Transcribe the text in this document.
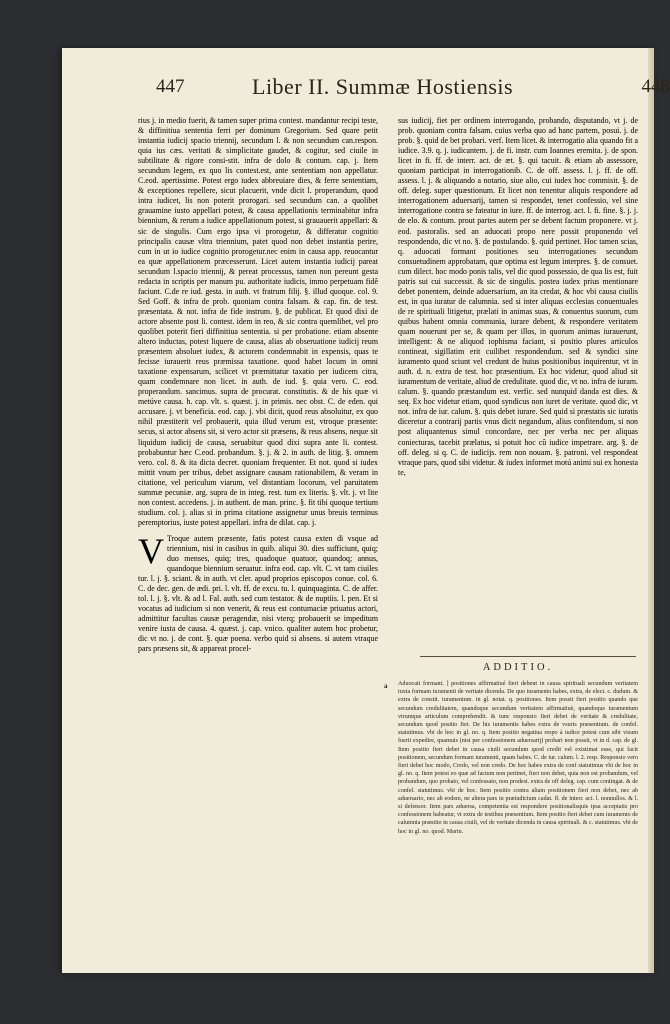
447	Liber II. Summæ Hostiensis	448

rius j. in medio fuerit, & tamen super prima contest. mandantur recipi teste, & diffinitiua sententia ferri per dominum Gregorium. Sed quare petit instantia iudicij spacio triennij, secundum l. & non secundum can.respon. quia ius cæs. veritati & simplicitate gaudet, & cogitur, sed ciuile in subtilitate & rigore consi-stit. infra de dolo & contum. cap. j. Item secundum legem, ex quo lis contest.est, ante sententiam non appellatur. C.eod. apertissime. Potest ergo iudex abbreuiare dies, & ferre sententiam, & exceptiones repellere, sicut placuerit, vnde dicit l. properandum, quod intra iudicet, lis non poterit prorogari. sed secundum can. a quolibet grauamine iusto appellari potest, & causa appellationis terminabitur infra biennium, & rerum a iudice appellationum potest, si grauauerit appellari: & sic de singulis. Cum ergo ipsa vi prorogetur, & differatur cognitio principalis causæ vltra triennium, patet quod non debet instantia perire, cum in ut io iudice cognitio prorogetur.nec enim in causa app. reuocantur ea quæ appellationem præcesserunt. Licet autem instantia iudicij pareat secundum l.spacio triennij, & pereat processus, tamen non pereunt gesta redacta in scriptis per manum pu. authoritate iudicis, immo perpetuam fidê faciunt. C.de re iud. gesta. in auth. vt fratrum filij. §. illud quoque. col. 9. Sed Goff. & infra de prob. quoniam contra falsam. & cap. fin. de test. præsentata. & not. infra de fide instrum. §. de publicat. Et quod dixi de actore absente post li. contest. idem in reo, & sic contra quemlibet, vel pro quolibet poterit fieri diffinitiua sententia. si per probatione. etiam absente altero inductas, potest liquere de causa, alias ab obseruatione iudicij reum præsentem absoluet iudex, & actorem condemnabit in expensis, quas te fecisse iurauerit reus præmissa taxatione. quod habet locum in omni taxatione expensarum, scilicet vt præmittatur taxatio per iudicem citra, quam condemnare non licet. in auth. de iud. §. quia vero. C. eod. properandum. sancimus. supra de procurat. constitutis. & de his quæ vi metúve causa. h. cap. vlt. s. quæst. j. in primis. nec obst. C. de eden. qui accusare. j. vt beneficia. eod. cap. j. vbi dicit, quod reus absoluitur, ex quo nihil præstiterit vel probauerit, quia illud verum est, vtroque præsente: secus, si actor absens sit, si vero actor sit præsens, & reus absens, neque sit liquidum iudicij de causa, seruabitur quod dixi supra ante li. contest. probabuntur hæc C.eod. probandum. §. j. & 2. in auth. de litig. §. omnem vero. col. 8. & ita dicta decret. quoniam frequenter. Et not. quod si iudex mittit vnum per tribus, debet assignare causam rationabilem, & veram in citatione, vel periculum viarum, vel distantiam locorum, vel paruitatem summæ pecuniæ. arg. supra de in integ. rest. tum ex literis. §. vlt. j. vt lite non contest. accedens. j. in authent. de man. princ. §. fit tibi quoque tertium studium. col. j. alias si in prima citatione assignetur unus breuis terminus peremptorius, iuste potest appellari. infra de dilat. cap. j.

V Troque autem præsente, fatis potest causa exten di vsque ad triennium, nisi in casibus in quib. aliqui 30. dies sufficiunt, quiq; duo menses, quiq; tres, quadoque quatuor, quandoq; annus, quandoque biennium seruatur. infra eod. cap. vlt. C. vt tam ciuiles tur. l. j. §. sciant. & in auth. vt cler. apud proprios episcopos conue. col. 6. C. de dec. gen. de ædi. pri. l. vlt. ff. de excu. tu. l. quinquaginta. C. de affer. tol. l. j. §. vlt. & ad l. Fal. auth. sed cum testator. & de nuptiis. l. pen. Et si vocatus ad iudicium si non venerit, & reus est contumaciæ priuatus actori, admittitur facultas causæ peragendæ, nisi vterq; probauerit se impeditum venire iusta de causa. 4. quæst. j. cap. vnico. qualiter autem hoc probetur, dic vt no. j. de cont. §. quæ poena. verbo quid si absens. si autem vtraque pars præsens sit, & appareat procel-

sus iudicij, fiet per ordinem interrogando, probando, disputando, vt j. de prob. quoniam contra falsam. cuius verba quo ad hanc partem, posui. j. de prob. §. quid de bet probari. verf. Item licet. & interrogatio alia quando fit a iudice. 3.9. q. j. iudicantem. j. de fi. instr. cum Ioannes eremita. j. de spon. licet in fi. ff. de interr. act. de æt. §. qui tacuit. & etiam ab assessore, quoniam participat in interrogationib. C. de off. assess. l. j. ff. de off. assess. l. j. & aliquando a notario, siue alio, cui iudex hoc commisit. §. de off. deleg. super quæstionum. Et licet non tenentur aliquis respondere ad interrogationem aduersarij, tamen si respondet, tenet confessio, vel sine interrogatione contra se fateatur in iure. ff. de interrog. act. l. fi. fine. §. j. j. de elo. & contum. prout partes autem per se debent factum proponere. vt j. eod. pastoralis. sed an aduocati propo nere possit proponendo vel respondendo, dic vt no. §. de postulando. §. quid pertinet. Hoc tamen scias, q. aduocati formant positiones seu interrogationes secundum consuetudinem approbatam, quæ optima est legum interpres. §. de consuet. cum dilect. hoc modo ponis talis, vel dic quod possessio, de qua lis est, fuit patris sui cui successit. & sic de singulis. postea iudex prius mentionare debet ponentem, deinde aduersarium, an ita credat, & hoc vbi causa ciuilis est, in qua iuratur de calumnia. sed si inter aliquas ecclesias conuentuales de re spirituali litigetur, prælati in animas suas, & conuentus suorum, cum quibus habent omnia communia, iurare debent, & respondere veritatem quam nouerunt per se, & quam per illos, in quorum animas iurauerunt, intelligent: & ne aliquod iophisma faciant, si positio plures articulos contineat, sigillatim erit cuilibet respondendum. sed & syndici sine iuramento quod sciunt vel credunt de huius positionibus inquirentur, vt in auth. d. n. extra de test. hoc præsentium. Ex hoc videtur, quod aliud sit iuramentum de veritate, aliud de credulitate. quod dic, vt no. infra de iuram. calum. §. quando præstandum est. verfic. sed nunquid danda est dies. & seq. Ex hoc videtur etiam, quod syndicus non iuret de veritate. quod dic, vt not. infra de iur. calum. §. quis debet iurare. Sed quid si præstatis sic iuratis diceretur a contrarij partis vnus dicit negandum, alius confitendum, si non post aliquantenus simul concordare, nec per verba nec per aliquas coniecturas, tacebit prælatus, si potuit hoc cû iudice impetrare. arg. §. de off. deleg. si q. C. de iudicijs. rem non nouam. §. patroni. vel respondeat vtraque pars, quod sibi videtur. & iudex informet motú animi sui ex honesta te,

ADDITIO.
a Aduocati formant. ] positiones affirmatiué fieri debent in causa spirituali secundum veritatem iuxta formam iuramenti de veritate dicenda. De quo iuramento habes, extra, de elect. c. dudum. & extra de constit. iuramentum. in gl. notat. q. positiones. Item possit fieri positio quando que secundum credulitatem, quandoque secundum veritatem affirmatiuè, quandoque iuramentum vtrumque articulum comprehendit. & tunc responsio fieri debet de veritate & credulitate, secundum quod positio fiet. De his iuramentis habes extra de vsuris præsentium. de confel. statutimus. vbi de hoc in gl. no. q. Item positio negatiua respo à iudice potest cum sibi visum fuerit expedire, quamuis (nisi per confessionem aduersarij) probari non possit, vt in d. cap. de gl. Item positio fieri debet in causa ciuili secundum quod credit vel existimat esse, qui facit positionem, secundum formam iuramenti, quam habes. C. de iur. calum. l. 2. resp. Responsio vero fieri debet hoc modo, Credo, vel non credo. De hoc habes extra de conf statutimus vbi de hoc in gl. no. q. Item potest eo quæ ad factum non pertinet, fieri non debet, quia non est probandum, vel probandum, quo probato, vel confessato, non prodest. extra de off deleg. cap. cum contingat. & de confel. statutimus. vbi de hoc. Item positio contra aliam positionem fieri non debet, nec ab aduersario, nec ab eodem, ne altera pars in præiudicium cadat. ff. de interr. act. l. nonnullos. & l. si defensor. Item pars aduersa, competentia est respondere positionalisquis ipsa acceptatis pro confessionem habeatur, vt extra de testibus præsentium. Item positio fieri debet cum iuramento de calumnia præstito in causa ciuili, vel de veritate dicenda in causa spirituali. & c. statutimus. vbi de hoc in gl. no. quod. Marin.
